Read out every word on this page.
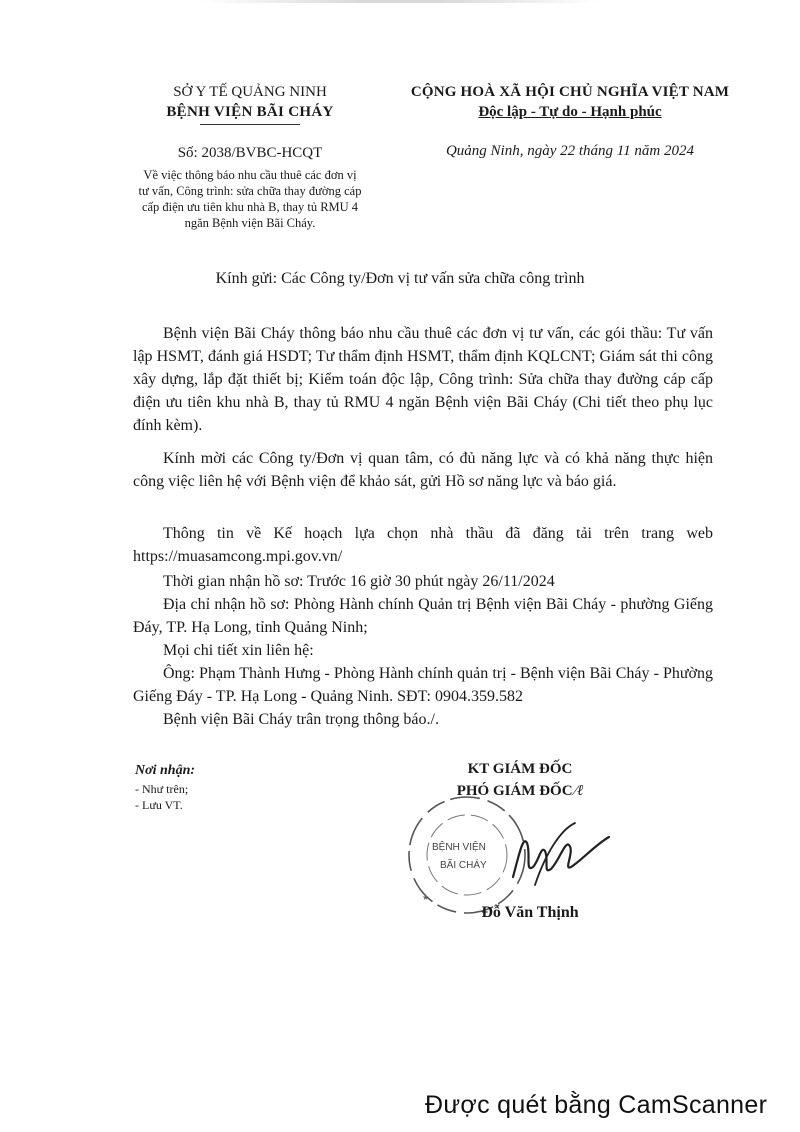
SỞ Y TẾ QUẢNG NINH
BỆNH VIỆN BÃI CHÁY
CỘNG HOÀ XÃ HỘI CHỦ NGHĨA VIỆT NAM
Độc lập - Tự do - Hạnh phúc
Số: 2038/BVBC-HCQT
Về việc thông báo nhu cầu thuê các đơn vị
tư vấn, Công trình: sửa chữa thay đường cáp
cấp điện ưu tiên khu nhà B, thay tủ RMU 4
ngăn Bệnh viện Bãi Cháy.
Quảng Ninh, ngày 22 tháng 11 năm 2024
Kính gửi: Các Công ty/Đơn vị tư vấn sửa chữa công trình

Bệnh viện Bãi Cháy thông báo nhu cầu thuê các đơn vị tư vấn, các gói thầu: Tư vấn lập HSMT, đánh giá HSDT; Tư thẩm định HSMT, thẩm định KQLCNT; Giám sát thi công xây dựng, lắp đặt thiết bị; Kiểm toán độc lập, Công trình: Sửa chữa thay đường cáp cấp điện ưu tiên khu nhà B, thay tủ RMU 4 ngăn Bệnh viện Bãi Cháy (Chi tiết theo phụ lục đính kèm).

Kính mời các Công ty/Đơn vị quan tâm, có đủ năng lực và có khả năng thực hiện công việc liên hệ với Bệnh viện để khảo sát, gửi Hồ sơ năng lực và báo giá.

Thông tin về Kế hoạch lựa chọn nhà thầu đã đăng tải trên trang web https://muasamcong.mpi.gov.vn/

Thời gian nhận hồ sơ: Trước 16 giờ 30 phút ngày 26/11/2024

Địa chỉ nhận hồ sơ: Phòng Hành chính Quản trị Bệnh viện Bãi Cháy - phường Giếng Đáy, TP. Hạ Long, tỉnh Quảng Ninh;

Mọi chi tiết xin liên hệ:

Ông: Phạm Thành Hưng - Phòng Hành chính quản trị - Bệnh viện Bãi Cháy - Phường Giếng Đáy - TP. Hạ Long - Quảng Ninh. SĐT: 0904.359.582

Bệnh viện Bãi Cháy trân trọng thông báo./.

Nơi nhận:
- Như trên;
- Lưu VT.
KT GIÁM ĐỐC
PHÓ GIÁM ĐỐC ⁄ℓ
BỆNH VIỆN
BÃI CHÁY
★
Đỗ Văn Thịnh
Được quét bằng CamScanner
